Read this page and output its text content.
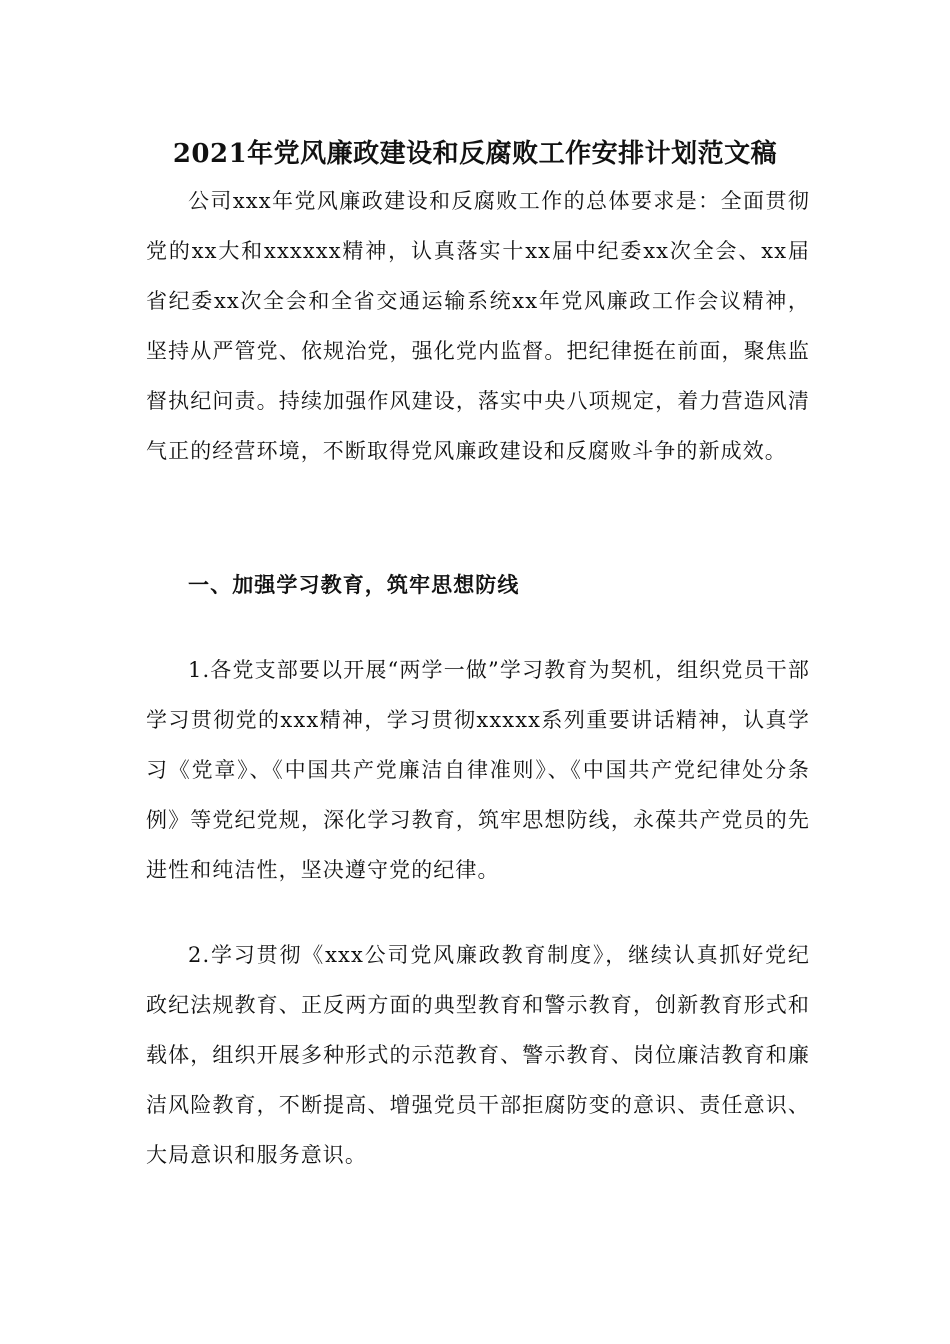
2021年党风廉政建设和反腐败工作安排计划范文稿

公司xxx年党风廉政建设和反腐败工作的总体要求是：全面贯彻党的xx大和xxxxxx精神，认真落实十xx届中纪委xx次全会、xx届省纪委xx次全会和全省交通运输系统xx年党风廉政工作会议精神，坚持从严管党、依规治党，强化党内监督。把纪律挺在前面，聚焦监督执纪问责。持续加强作风建设，落实中央八项规定，着力营造风清气正的经营环境，不断取得党风廉政建设和反腐败斗争的新成效。

一、加强学习教育，筑牢思想防线

1.各党支部要以开展“两学一做”学习教育为契机，组织党员干部学习贯彻党的xxx精神，学习贯彻xxxxx系列重要讲话精神，认真学习《党章》、《中国共产党廉洁自律准则》、《中国共产党纪律处分条例》等党纪党规，深化学习教育，筑牢思想防线，永葆共产党员的先进性和纯洁性，坚决遵守党的纪律。

2.学习贯彻《xxx公司党风廉政教育制度》，继续认真抓好党纪政纪法规教育、正反两方面的典型教育和警示教育，创新教育形式和载体，组织开展多种形式的示范教育、警示教育、岗位廉洁教育和廉洁风险教育，不断提高、增强党员干部拒腐防变的意识、责任意识、大局意识和服务意识。
